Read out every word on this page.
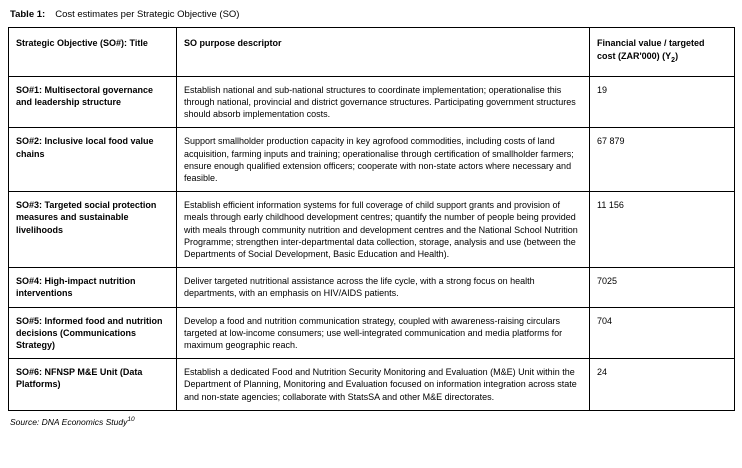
Table 1: Cost estimates per Strategic Objective (SO)
Strategic Objective (SO#): Title	SO purpose descriptor	Financial value / targeted
cost (ZAR'000) $(Y_2)$
SO#1: Multisectoral governance and leadership structure	Establish national and sub-national structures to coordinate implementation; operationalise this through national, provincial and district governance structures. Participating government structures should absorb implementation costs.	19
SO#2: Inclusive local food value chains	Support smallholder production capacity in key agrofood commodities, including costs of land acquisition, farming inputs and training; operationalise through certification of smallholder farmers; ensure enough qualified extension officers; cooperate with non-state actors where necessary and feasible.	67 879
SO#3: Targeted social protection measures and sustainable livelihoods	Establish efficient information systems for full coverage of child support grants and provision of meals through early childhood development centres; quantify the number of people being provided with meals through community nutrition and development centres and the National School Nutrition Programme; strengthen inter-departmental data collection, storage, analysis and use (between the Departments of Social Development, Basic Education and Health).	11 156
SO#4: High-impact nutrition interventions	Deliver targeted nutritional assistance across the life cycle, with a strong focus on health departments, with an emphasis on HIV/AIDS patients.	7025
SO#5: Informed food and nutrition decisions (Communications Strategy)	Develop a food and nutrition communication strategy, coupled with awareness-raising circulars targeted at low-income consumers; use well-integrated communication and media platforms for maximum geographic reach.	704
SO#6: NFNSP M&E Unit (Data Platforms)	Establish a dedicated Food and Nutrition Security Monitoring and Evaluation (M&E) Unit within the Department of Planning, Monitoring and Evaluation focused on information integration across state and non-state agencies; collaborate with StatsSA and other M&E directorates.	24
Source: DNA Economics Study$^{10}$
